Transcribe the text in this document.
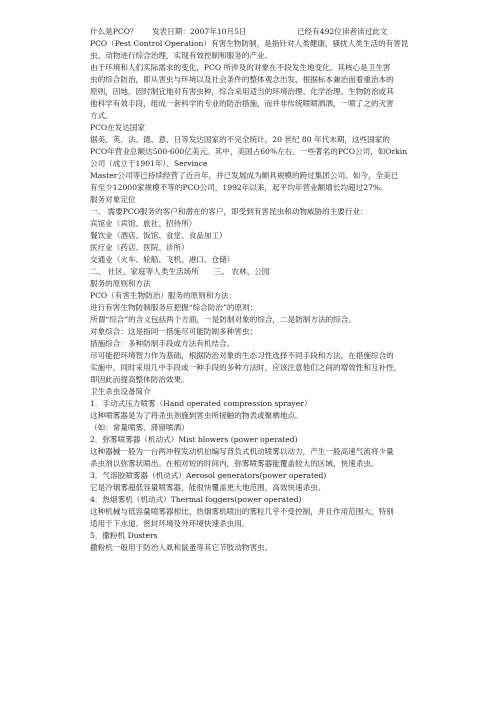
什么是PCO？ 发表日期：2007年10月5日	已经有492位读者读过此文
PCO（Pest Control Operation）有害生物防制，是指针对人类健康，骚扰人类生活的有害昆
虫、动物进行综合治理，实现有效控制和服务的产业。
由于环境和人们实际需求的变化，PCO 所涉及的对象在不段发生地变化。其核心是卫生害
虫的综合防治，即从害虫与环境以及社会条件的整体观念出发，根据标本兼治而着重治本的
原则，因地、因时制宜地对有害虫种，综合采用适当的环境治理、化学治理、生物防治或其
他科学有效手段，组成一套科学的专业的防治措施，而并非传统喷喷洒洒，一喷了之的灭害
方式。
PCO在发达国家
据美、英、法、德、意、日等发达国家的不完全统计，20 世纪 80 年代末期，这些国家的
PCO年营业总额达500-600亿美元。其中，美国占60%左右。一些著名的PCO公司，如Orkin
公司（成立于1901年）、Servince
Master公司等已持续经营了近百年，并已发展成为颇具规模的跨过集团公司。如今，全美已
有至少12000家规模不等的PCO公司，1992年以来，起平均年营业额增长均超过27%。
服务对象定位
一、 需要PCO服务的客户和潜在的客户，即受到有害昆虫和动物威胁的主要行业：
宾馆业（宾馆、旅社、招待所）
餐饮业（酒店、饭馆、食堂、食品加工）
医疗业（药店、医院、诊所）
交通业（火车、轮船、飞机、港口、仓储）
二、 社区、家庭等人类生活场所　　三、 农林、公园
服务的原则和方法
PCO（有害生物防治）服务的原则和方法：
进行有害生物防制服务应把握“综合防治”的原则；
所谓“综合”的含义包括两个方面，一是防制对象的综合，二是防制方法的综合。
对象综合：这是指同一措施尽可能防制多种害虫；
措施综合：多种防制手段或方法有机结合。
尽可能把环境智力作为基础，根据防治对象的生态习性选择不同手段和方法，在措施综合的
实施中，同时采用几中手段或一种手段的多种方法时，应该注意他们之间的增效性和互补性，
即因此而提高整体防治效果。
卫生杀虫设备简介
1．手动式压力喷雾（Hand operated compression sprayer）
这种喷雾器是为了将杀虫剂施到害虫所接触的物表或聚栖地点。
（如：常量喷雾、滞留喷洒）
2．弥雾喷雾器（机动式）Mist blowers (power operated)
这种器械一般为一台两冲程发动机伯编写背负式机动喷雾以动力，产生一般高速气流将少量
杀虫剂以弥雾状喷出。在相对短的时间内，弥雾喷雾器能覆盖较大的区域，快速杀虫。
3．气溶胶喷雾器（机动式）Aerosol generators(power operated)
它是冷烟雾超低容量喷雾器，能很快覆盖更大地范围，高效快速杀虫。
4．热烟雾机（机动式）Thermal foggers(power operated)
这种机械与低容量喷雾器相比，热烟雾机喷出的雾粒几乎不受控制，并且作用范围大，特别
适用于下水道、密封环境及外环境快速杀虫用。
5．撒粉机 Dusters
撒粉机一般用于防治人虱和鼠蚤等其它节肢动物害虫。
